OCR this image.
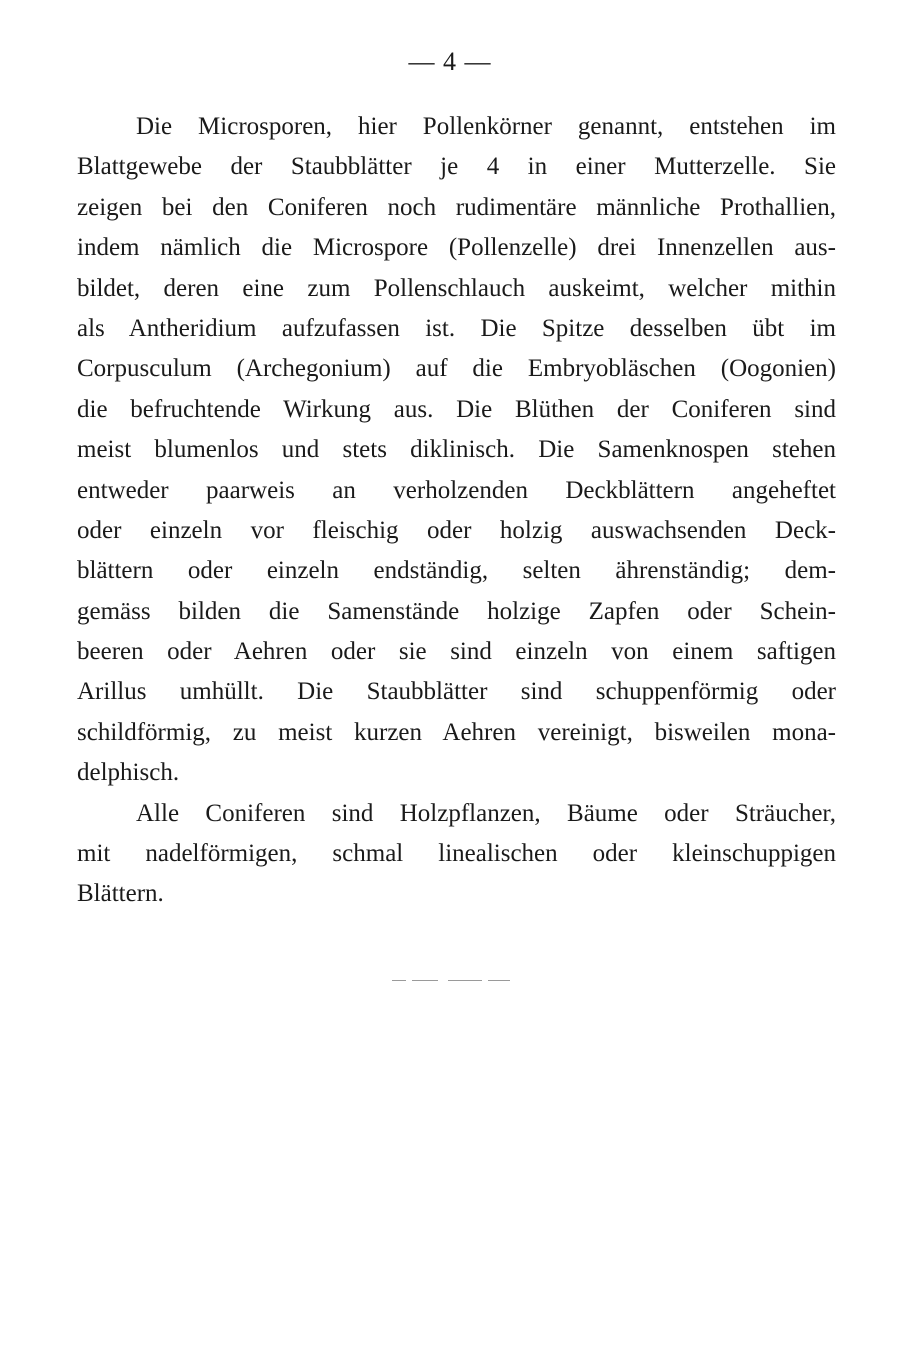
— 4 —
Die Microsporen, hier Pollenkörner genannt, entstehen im
Blattgewebe der Staubblätter je 4 in einer Mutterzelle. Sie
zeigen bei den Coniferen noch rudimentäre männliche Prothallien,
indem nämlich die Microspore (Pollenzelle) drei Innenzellen aus-
bildet, deren eine zum Pollenschlauch auskeimt, welcher mithin
als Antheridium aufzufassen ist. Die Spitze desselben übt im
Corpusculum (Archegonium) auf die Embryobläschen (Oogonien)
die befruchtende Wirkung aus. Die Blüthen der Coniferen sind
meist blumenlos und stets diklinisch. Die Samenknospen stehen
entweder paarweis an verholzenden Deckblättern angeheftet
oder einzeln vor fleischig oder holzig auswachsenden Deck-
blättern oder einzeln endständig, selten ährenständig; dem-
gemäss bilden die Samenstände holzige Zapfen oder Schein-
beeren oder Aehren oder sie sind einzeln von einem saftigen
Arillus umhüllt. Die Staubblätter sind schuppenförmig oder
schildförmig, zu meist kurzen Aehren vereinigt, bisweilen mona-
delphisch.
Alle Coniferen sind Holzpflanzen, Bäume oder Sträucher,
mit nadelförmigen, schmal linealischen oder kleinschuppigen
Blättern.
